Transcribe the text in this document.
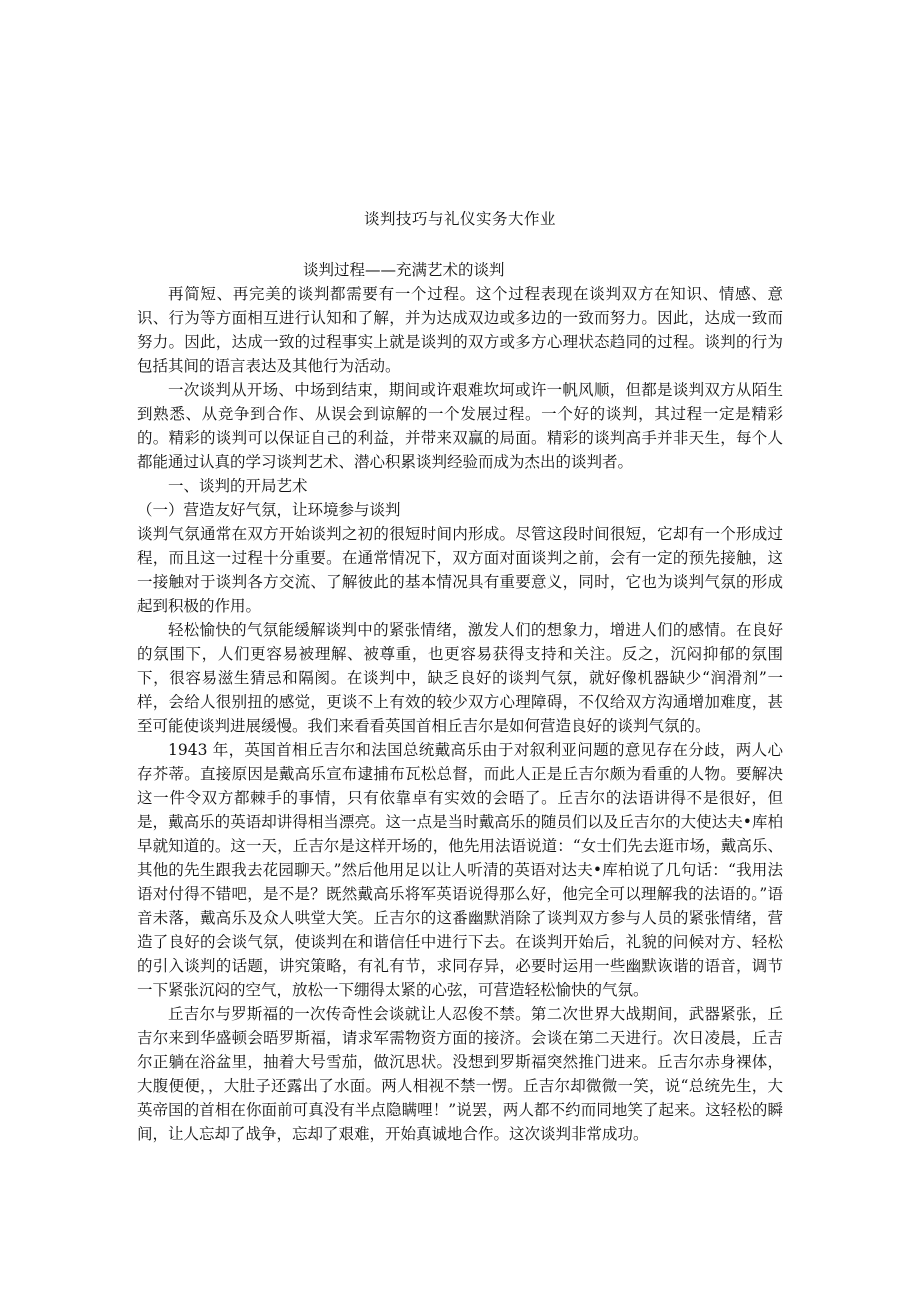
谈判技巧与礼仪实务大作业

谈判过程——充满艺术的谈判

再简短、再完美的谈判都需要有一个过程。这个过程表现在谈判双方在知识、情感、意识、行为等方面相互进行认知和了解，并为达成双边或多边的一致而努力。因此，达成一致而努力。因此，达成一致的过程事实上就是谈判的双方或多方心理状态趋同的过程。谈判的行为包括其间的语言表达及其他行为活动。

一次谈判从开场、中场到结束，期间或许艰难坎坷或许一帆风顺，但都是谈判双方从陌生到熟悉、从竞争到合作、从误会到谅解的一个发展过程。一个好的谈判，其过程一定是精彩的。精彩的谈判可以保证自己的利益，并带来双赢的局面。精彩的谈判高手并非天生，每个人都能通过认真的学习谈判艺术、潜心积累谈判经验而成为杰出的谈判者。

一、谈判的开局艺术

（一）营造友好气氛，让环境参与谈判

谈判气氛通常在双方开始谈判之初的很短时间内形成。尽管这段时间很短，它却有一个形成过程，而且这一过程十分重要。在通常情况下，双方面对面谈判之前，会有一定的预先接触，这一接触对于谈判各方交流、了解彼此的基本情况具有重要意义，同时，它也为谈判气氛的形成起到积极的作用。

轻松愉快的气氛能缓解谈判中的紧张情绪，激发人们的想象力，增进人们的感情。在良好的氛围下，人们更容易被理解、被尊重，也更容易获得支持和关注。反之，沉闷抑郁的氛围下，很容易滋生猜忌和隔阂。在谈判中，缺乏良好的谈判气氛，就好像机器缺少“润滑剂”一样，会给人很别扭的感觉，更谈不上有效的较少双方心理障碍，不仅给双方沟通增加难度，甚至可能使谈判进展缓慢。我们来看看英国首相丘吉尔是如何营造良好的谈判气氛的。

1943 年，英国首相丘吉尔和法国总统戴高乐由于对叙利亚问题的意见存在分歧，两人心存芥蒂。直接原因是戴高乐宣布逮捕布瓦松总督，而此人正是丘吉尔颇为看重的人物。要解决这一件令双方都棘手的事情，只有依靠卓有实效的会晤了。丘吉尔的法语讲得不是很好，但是，戴高乐的英语却讲得相当漂亮。这一点是当时戴高乐的随员们以及丘吉尔的大使达夫•库柏早就知道的。这一天，丘吉尔是这样开场的，他先用法语说道：“女士们先去逛市场，戴高乐、其他的先生跟我去花园聊天。”然后他用足以让人听清的英语对达夫•库柏说了几句话：“我用法语对付得不错吧，是不是？既然戴高乐将军英语说得那么好，他完全可以理解我的法语的。”语音未落，戴高乐及众人哄堂大笑。丘吉尔的这番幽默消除了谈判双方参与人员的紧张情绪，营造了良好的会谈气氛，使谈判在和谐信任中进行下去。在谈判开始后，礼貌的问候对方、轻松的引入谈判的话题，讲究策略，有礼有节，求同存异，必要时运用一些幽默诙谐的语音，调节一下紧张沉闷的空气，放松一下绷得太紧的心弦，可营造轻松愉快的气氛。

丘吉尔与罗斯福的一次传奇性会谈就让人忍俊不禁。第二次世界大战期间，武器紧张，丘吉尔来到华盛顿会晤罗斯福，请求军需物资方面的接济。会谈在第二天进行。次日凌晨，丘吉尔正躺在浴盆里，抽着大号雪茄，做沉思状。没想到罗斯福突然推门进来。丘吉尔赤身裸体，大腹便便，，大肚子还露出了水面。两人相视不禁一愣。丘吉尔却微微一笑，说“总统先生，大英帝国的首相在你面前可真没有半点隐瞒哩！”说罢，两人都不约而同地笑了起来。这轻松的瞬间，让人忘却了战争，忘却了艰难，开始真诚地合作。这次谈判非常成功。
